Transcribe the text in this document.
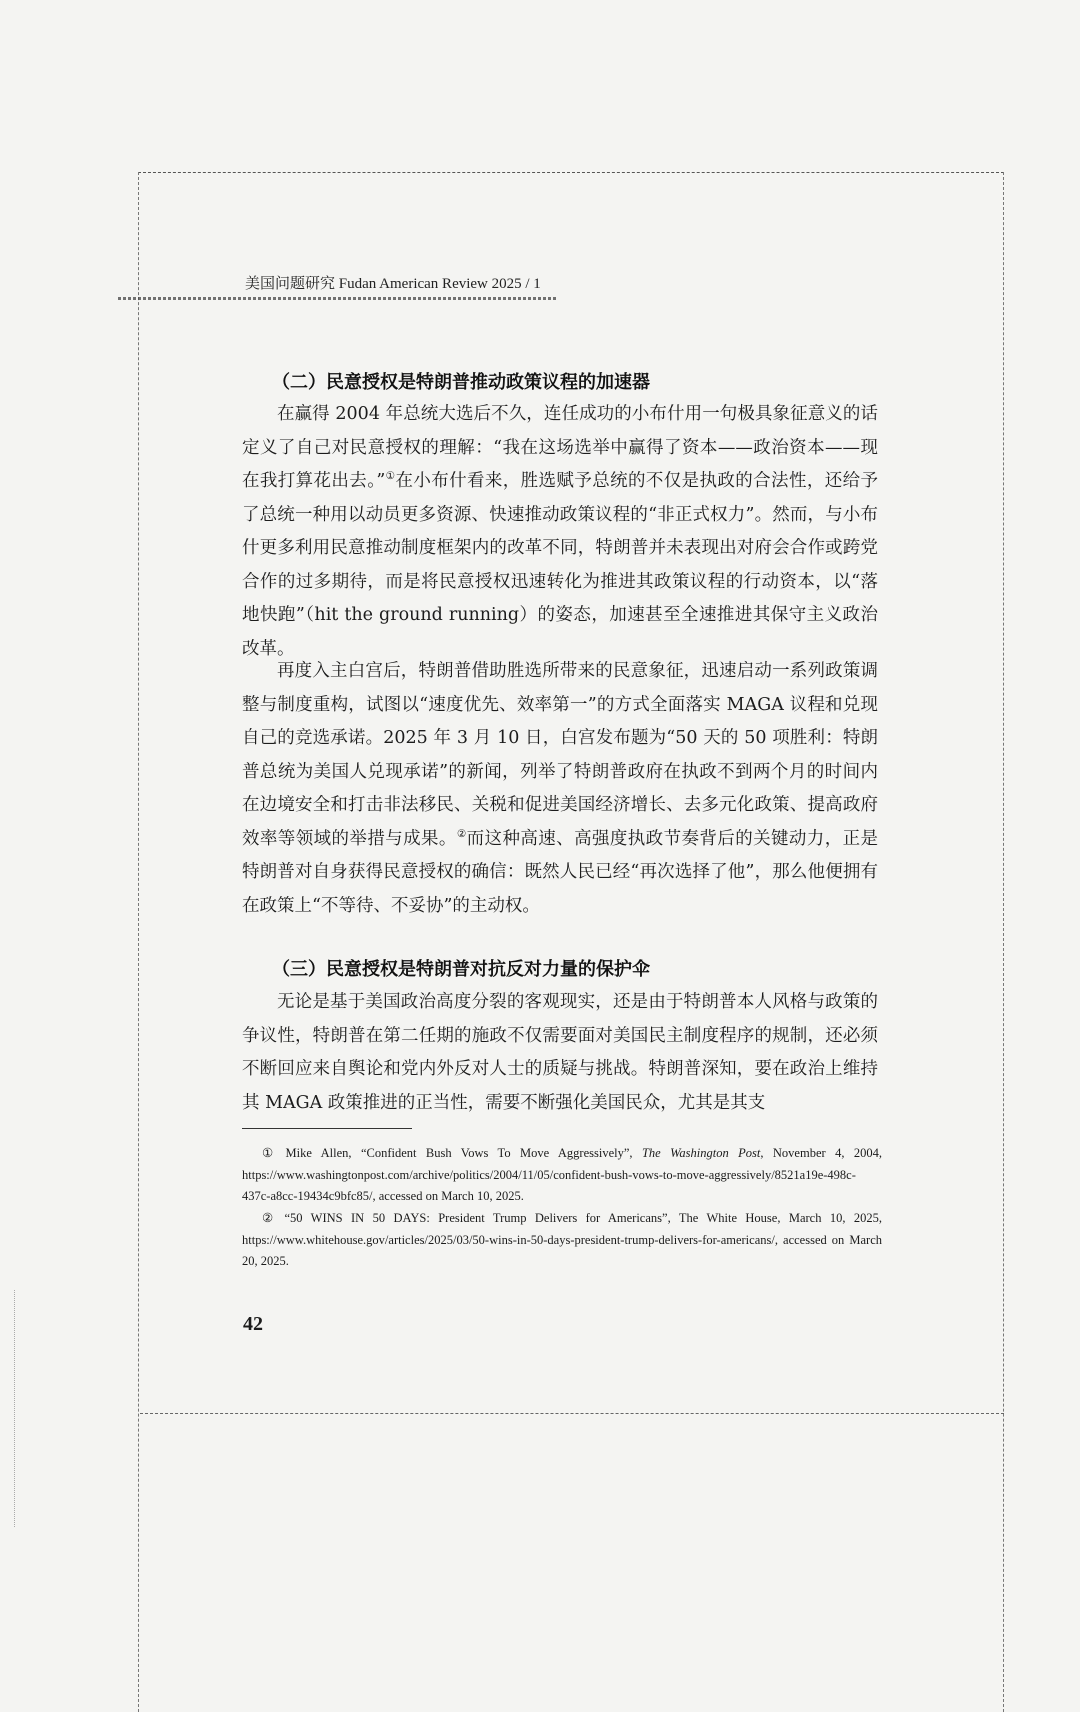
美国问题研究 Fudan American Review 2025 / 1
（二）民意授权是特朗普推动政策议程的加速器

在赢得 2004 年总统大选后不久，连任成功的小布什用一句极具象征意义的话定义了自己对民意授权的理解：“我在这场选举中赢得了资本——政治资本——现在我打算花出去。”①在小布什看来，胜选赋予总统的不仅是执政的合法性，还给予了总统一种用以动员更多资源、快速推动政策议程的“非正式权力”。然而，与小布什更多利用民意推动制度框架内的改革不同，特朗普并未表现出对府会合作或跨党合作的过多期待，而是将民意授权迅速转化为推进其政策议程的行动资本，以“落地快跑”（hit the ground running）的姿态，加速甚至全速推进其保守主义政治改革。

再度入主白宫后，特朗普借助胜选所带来的民意象征，迅速启动一系列政策调整与制度重构，试图以“速度优先、效率第一”的方式全面落实 MAGA 议程和兑现自己的竞选承诺。2025 年 3 月 10 日，白宫发布题为“50 天的 50 项胜利：特朗普总统为美国人兑现承诺”的新闻，列举了特朗普政府在执政不到两个月的时间内在边境安全和打击非法移民、关税和促进美国经济增长、去多元化政策、提高政府效率等领域的举措与成果。②而这种高速、高强度执政节奏背后的关键动力，正是特朗普对自身获得民意授权的确信：既然人民已经“再次选择了他”，那么他便拥有在政策上“不等待、不妥协”的主动权。

（三）民意授权是特朗普对抗反对力量的保护伞

无论是基于美国政治高度分裂的客观现实，还是由于特朗普本人风格与政策的争议性，特朗普在第二任期的施政不仅需要面对美国民主制度程序的规制，还必须不断回应来自舆论和党内外反对人士的质疑与挑战。特朗普深知，要在政治上维持其 MAGA 政策推进的正当性，需要不断强化美国民众，尤其是其支

① Mike Allen, “Confident Bush Vows To Move Aggressively”, The Washington Post, November 4, 2004, https://www.washingtonpost.com/archive/politics/2004/11/05/confident-bush-vows-to-move-aggressively/8521a19e-498c-437c-a8cc-19434c9bfc85/, accessed on March 10, 2025.

② “50 WINS IN 50 DAYS: President Trump Delivers for Americans”, The White House, March 10, 2025, https://www.whitehouse.gov/articles/2025/03/50-wins-in-50-days-president-trump-delivers-for-americans/, accessed on March 20, 2025.

42
